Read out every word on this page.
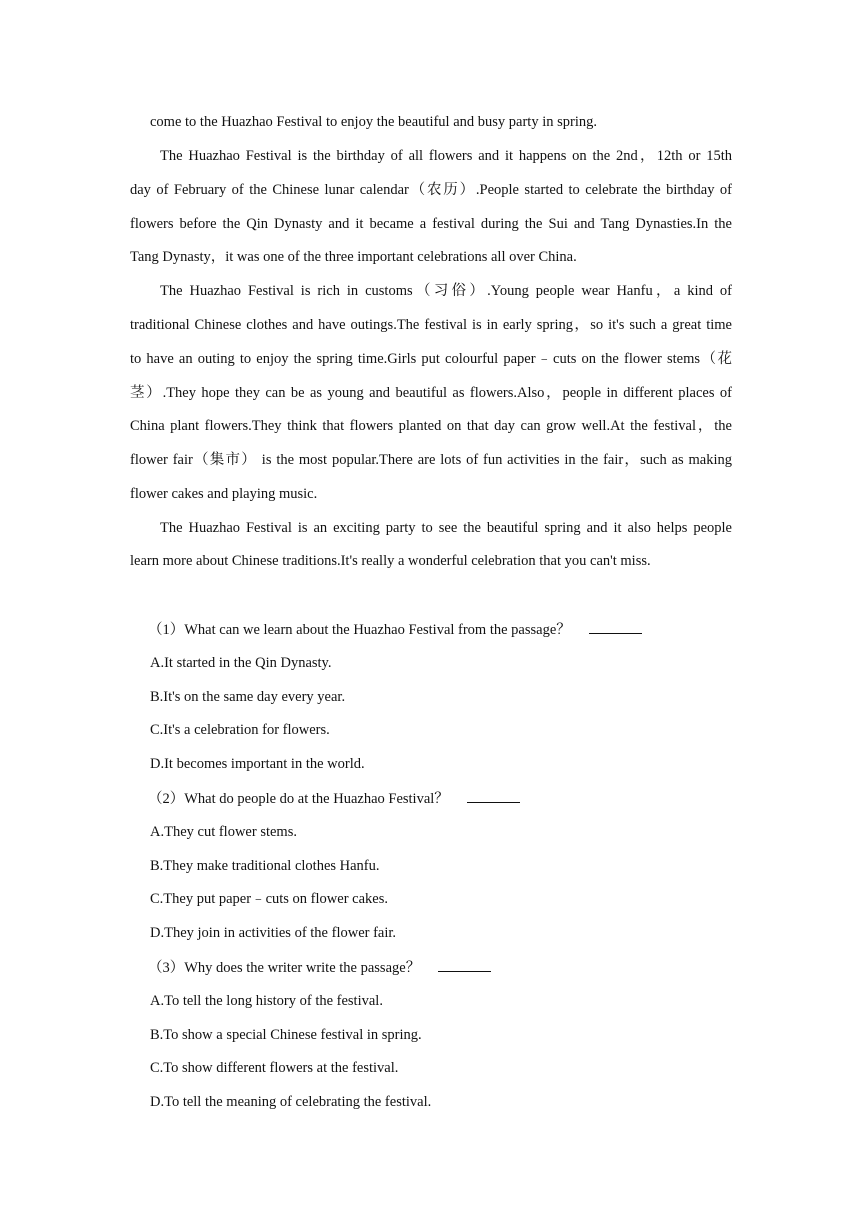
come to the Huazhao Festival to enjoy the beautiful and busy party in spring.
The Huazhao Festival is the birthday of all flowers and it happens on the 2nd，12th or 15th
day of February of the Chinese lunar calendar（农历）.People started to celebrate the birthday of
flowers before the Qin Dynasty and it became a festival during the Sui and Tang Dynasties.In the
Tang Dynasty，it was one of the three important celebrations all over China.
The Huazhao Festival is rich in customs（习俗）.Young people wear Hanfu，a kind of
traditional Chinese clothes and have outings.The festival is in early spring，so it's such a great time
to have an outing to enjoy the spring time.Girls put colourful paper﹣cuts on the flower stems（花
茎）.They hope they can be as young and beautiful as flowers.Also，people in different places of
China plant flowers.They think that flowers planted on that day can grow well.At the festival，the
flower fair（集市） is the most popular.There are lots of fun activities in the fair，such as making
flower cakes and playing music.
The Huazhao Festival is an exciting party to see the beautiful spring and it also helps people
learn more about Chinese traditions.It's really a wonderful celebration that you can't miss.
（1）What can we learn about the Huazhao Festival from the passage？
A.It started in the Qin Dynasty.
B.It's on the same day every year.
C.It's a celebration for flowers.
D.It becomes important in the world.
（2）What do people do at the Huazhao Festival？
A.They cut flower stems.
B.They make traditional clothes Hanfu.
C.They put paper﹣cuts on flower cakes.
D.They join in activities of the flower fair.
（3）Why does the writer write the passage？
A.To tell the long history of the festival.
B.To show a special Chinese festival in spring.
C.To show different flowers at the festival.
D.To tell the meaning of celebrating the festival.
